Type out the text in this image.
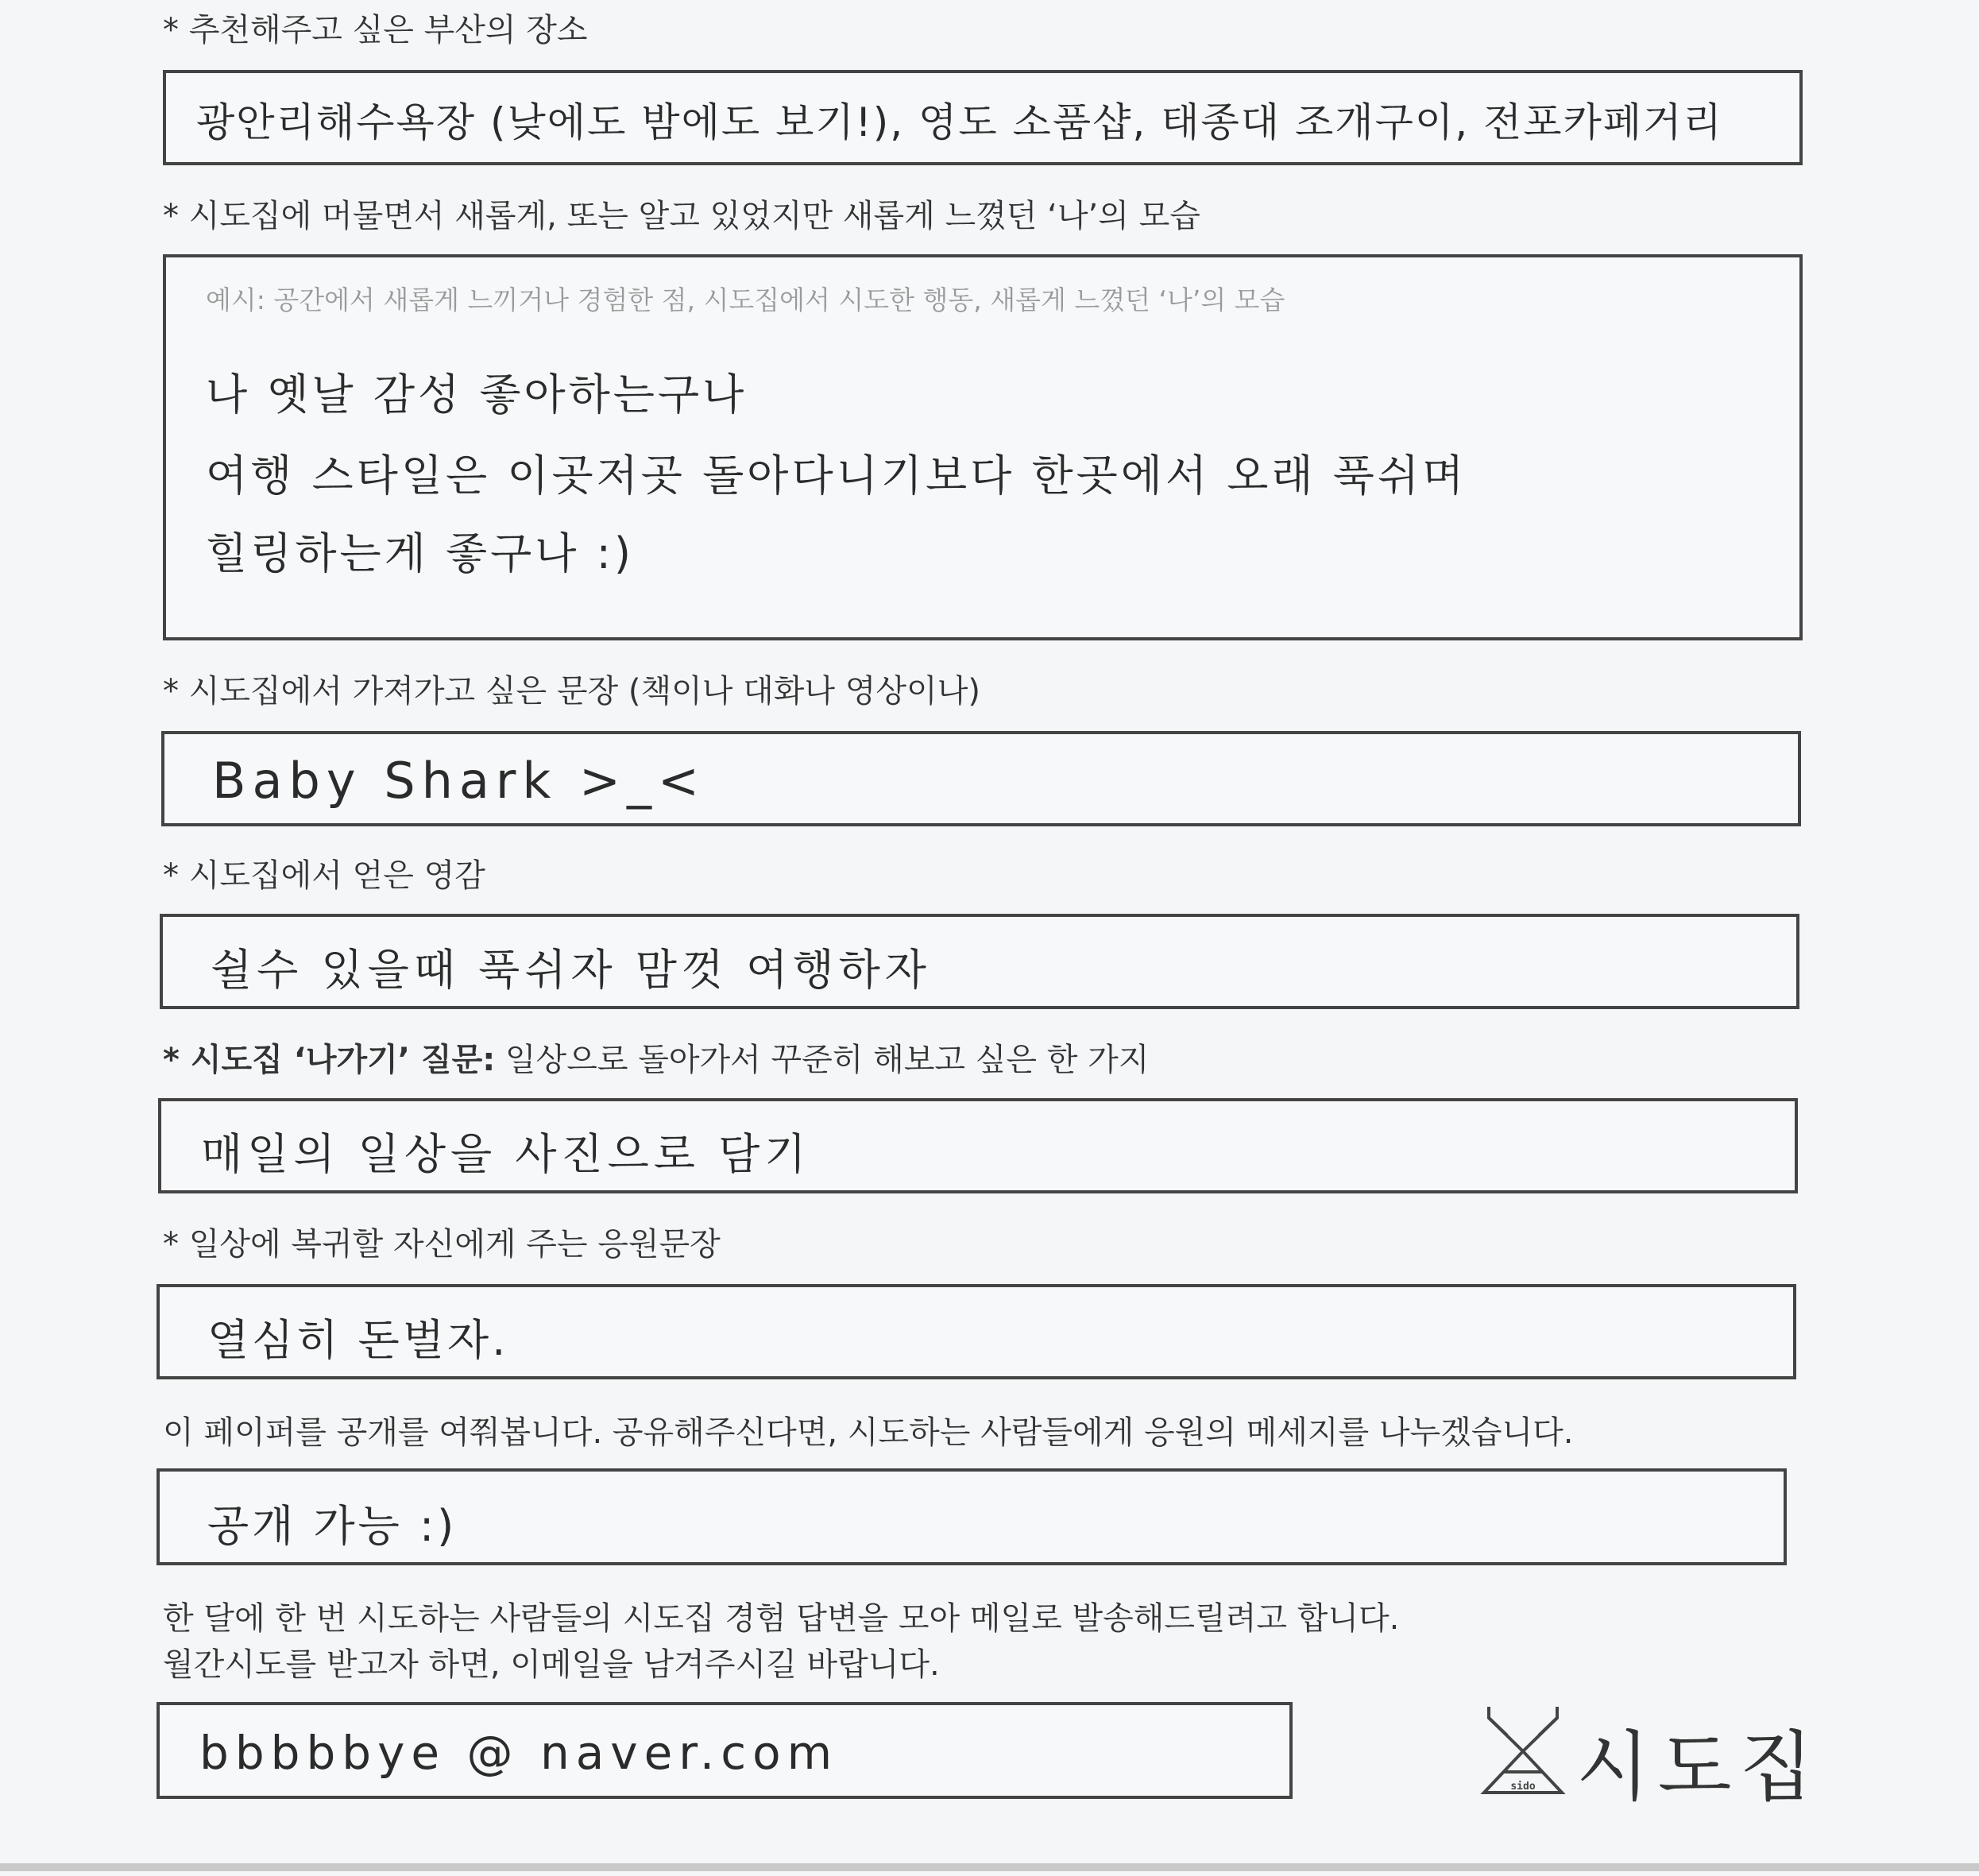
* 추천해주고 싶은 부산의 장소
광안리해수욕장 (낮에도 밤에도 보기!), 영도 소품샵, 태종대 조개구이, 전포카페거리
* 시도집에 머물면서 새롭게, 또는 알고 있었지만 새롭게 느꼈던 ‘나’의 모습
예시: 공간에서 새롭게 느끼거나 경험한 점, 시도집에서 시도한 행동, 새롭게 느꼈던 ‘나’의 모습
나 옛날 감성 좋아하는구나
여행 스타일은 이곳저곳 돌아다니기보다 한곳에서 오래 푹쉬며
힐링하는게 좋구나 :)
* 시도집에서 가져가고 싶은 문장 (책이나 대화나 영상이나)
Baby Shark >_<
* 시도집에서 얻은 영감
쉴수 있을때 푹쉬자 맘껏 여행하자
* 시도집 ‘나가기’ 질문: 일상으로 돌아가서 꾸준히 해보고 싶은 한 가지
매일의 일상을 사진으로 담기
* 일상에 복귀할 자신에게 주는 응원문장
열심히 돈벌자.
이 페이퍼를 공개를 여쭤봅니다. 공유해주신다면, 시도하는 사람들에게 응원의 메세지를 나누겠습니다.
공개 가능 :)
한 달에 한 번 시도하는 사람들의 시도집 경험 답변을 모아 메일로 발송해드릴려고 합니다.
월간시도를 받고자 하면, 이메일을 남겨주시길 바랍니다.
bbbbbye @ naver.com
sido 시도집
